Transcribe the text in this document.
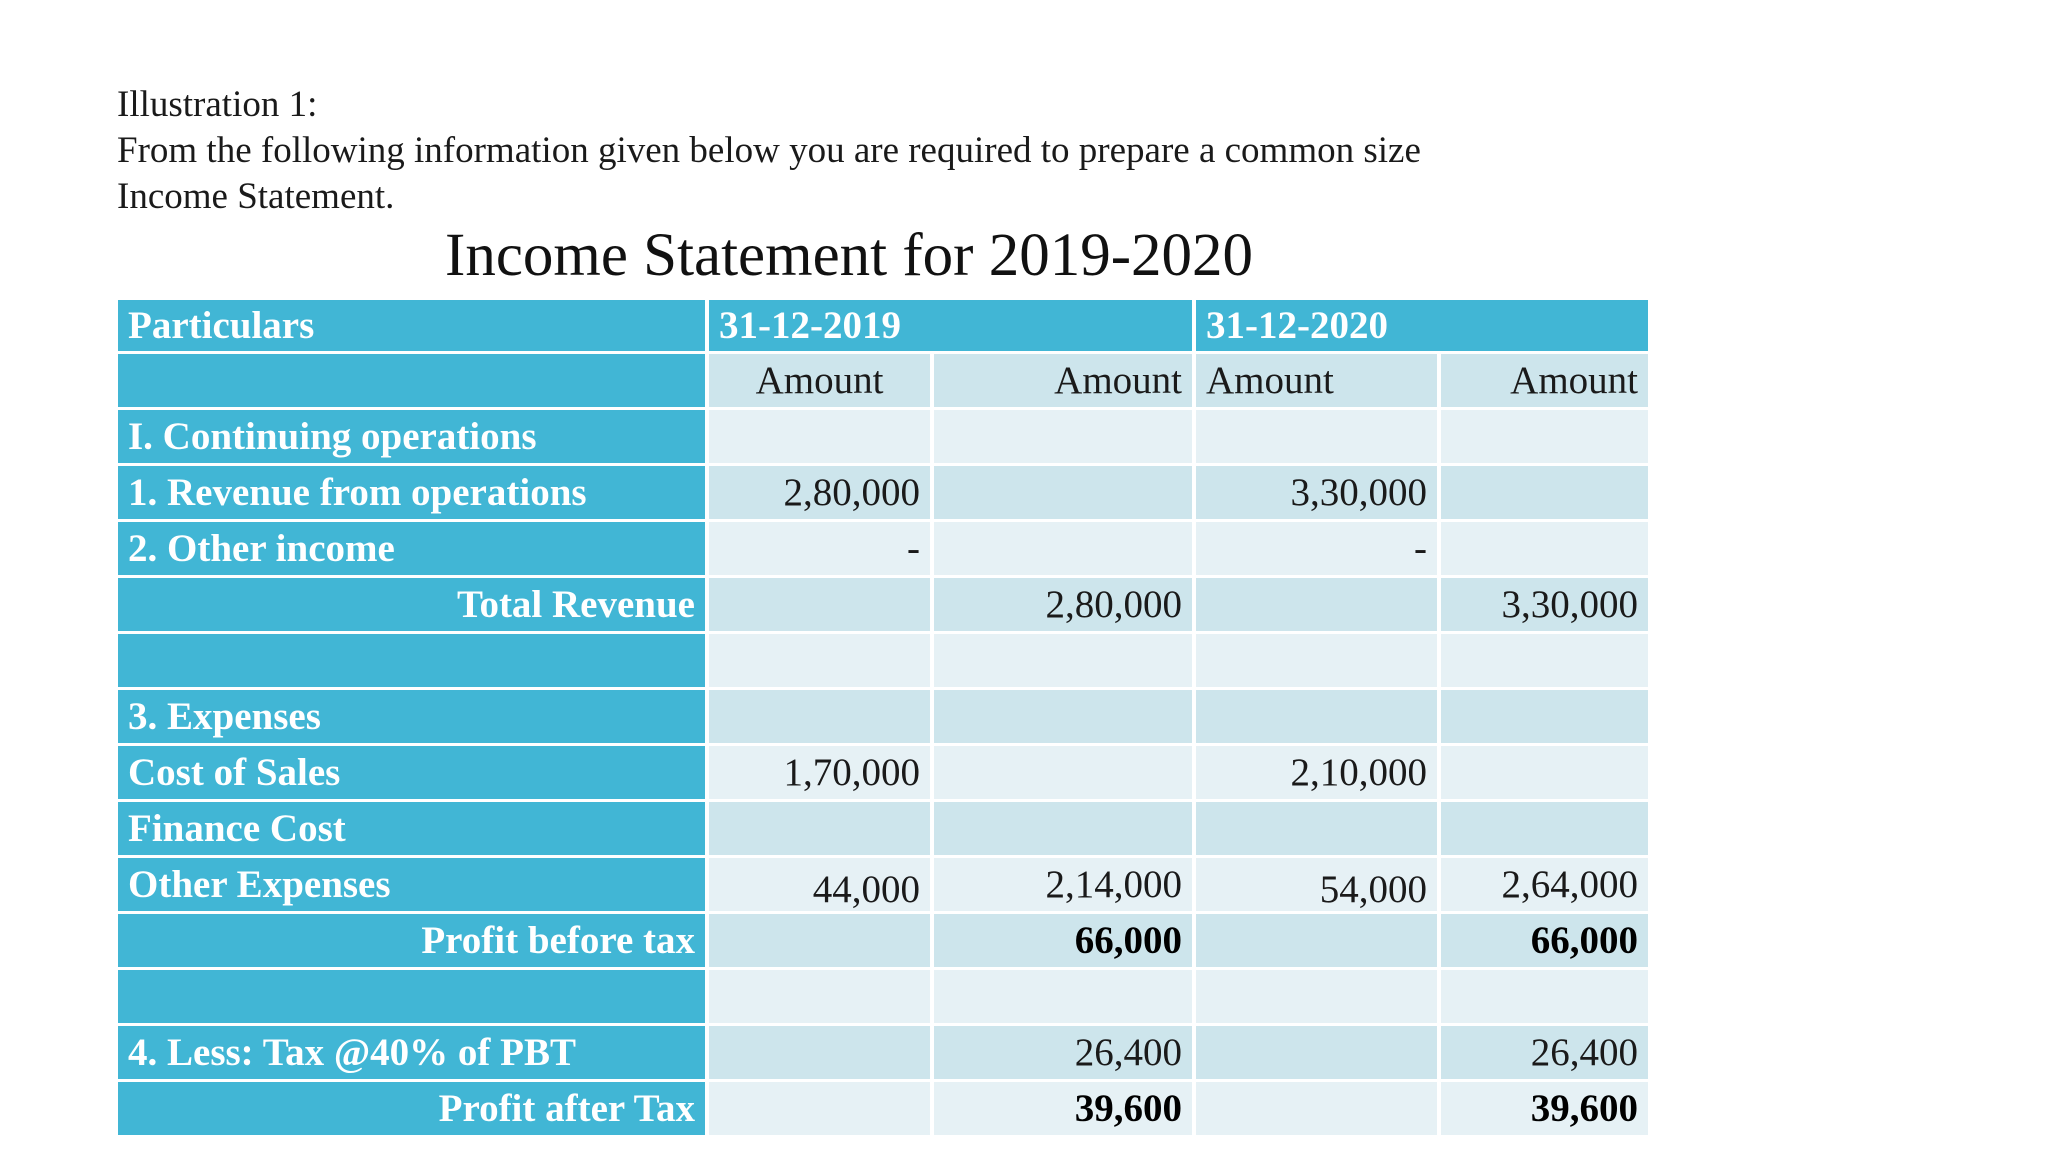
Illustration 1:
From the following information given below you are required to prepare a common size
Income Statement.
Income Statement for 2019-2020
Particulars	31-12-2019		31-12-2020	
	Amount	Amount	Amount	Amount
I. Continuing operations				
1. Revenue from operations	2,80,000		3,30,000	
2. Other income	-		-	
Total Revenue		2,80,000		3,30,000

3. Expenses				
Cost of Sales	1,70,000		2,10,000	
Finance Cost				
Other Expenses	44,000	2,14,000	54,000	2,64,000
Profit before tax		66,000		66,000

4. Less: Tax @40% of PBT		26,400		26,400
Profit after Tax		39,600		39,600
